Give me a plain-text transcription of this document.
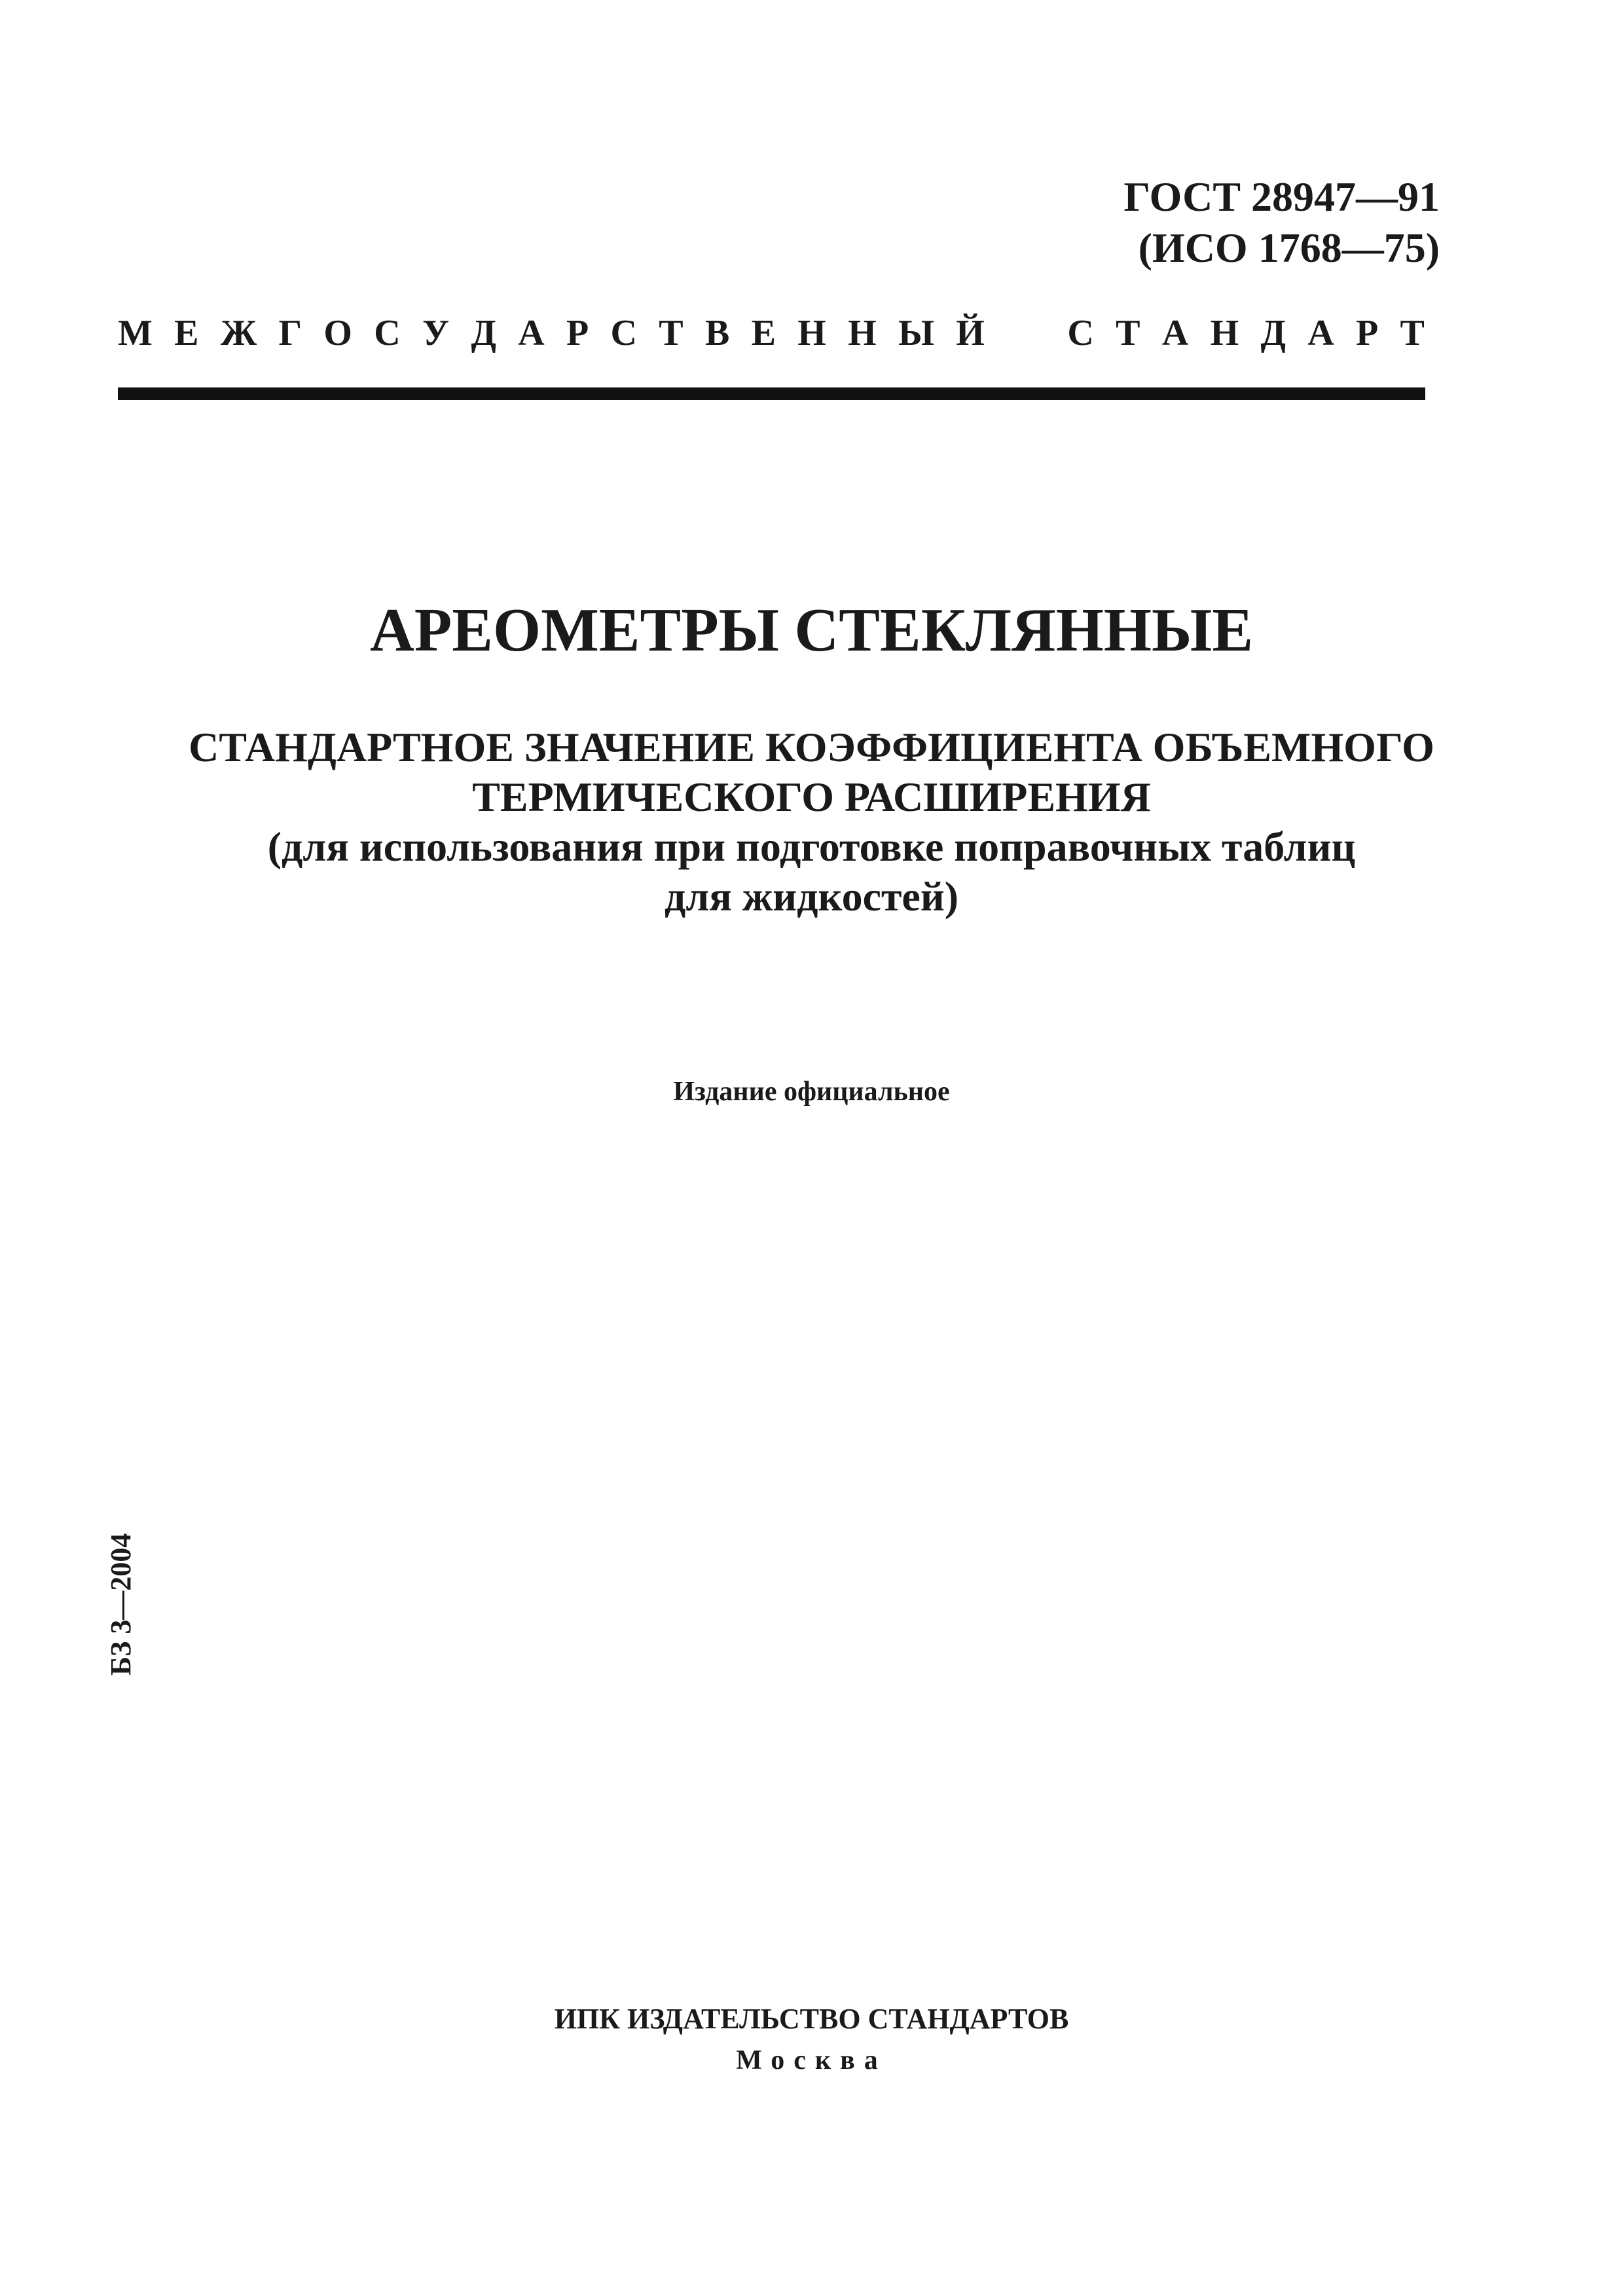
ГОСТ 28947—91
(ИСО 1768—75)
М Е Ж Г О С У Д А Р С Т В Е Н Н Ы Й С Т А Н Д А Р Т
АРЕОМЕТРЫ СТЕКЛЯННЫЕ
СТАНДАРТНОЕ ЗНАЧЕНИЕ КОЭФФИЦИЕНТА ОБЪЕМНОГО
ТЕРМИЧЕСКОГО РАСШИРЕНИЯ
(для использования при подготовке поправочных таблиц
для жидкостей)
Издание официальное
БЗ 3—2004
ИПК ИЗДАТЕЛЬСТВО СТАНДАРТОВ
Москва
